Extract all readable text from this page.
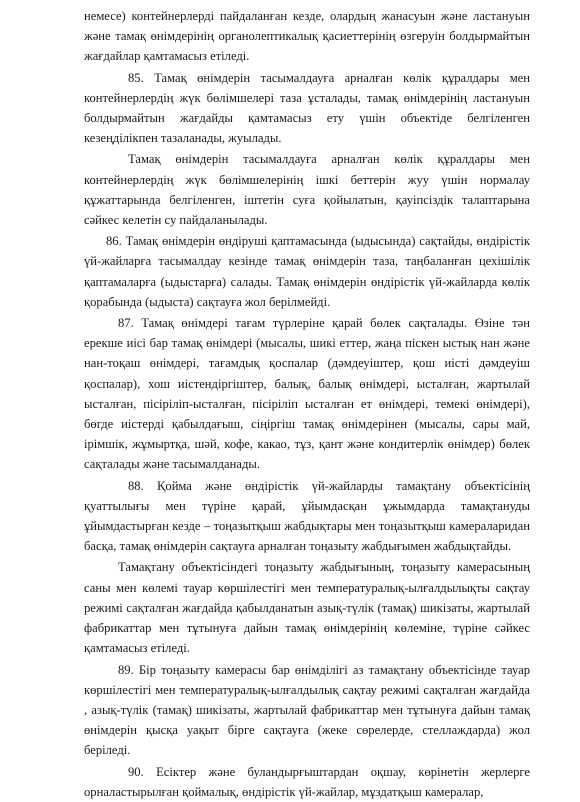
немесе) контейнерлерді пайдаланған кезде, олардың жанасуын және ластануын және тамақ өнімдерінің органолептикалық қасиеттерінің өзгеруін болдырмайтын жағдайлар қамтамасыз етіледі.

85. Тамақ өнімдерін тасымалдауға арналған көлік құралдары мен контейнерлердің жүк бөлімшелері таза ұсталады, тамақ өнімдерінің ластануын болдырмайтын жағдайды қамтамасыз ету үшін объектіде белгіленген кезеңділікпен тазаланады, жуылады.

Тамақ өнімдерін тасымалдауға арналған көлік құралдары мен контейнерлердің жүк бөлімшелерінің ішкі беттерін жуу үшін нормалау құжаттарында белгіленген, іштетін суға қойылатын, қауіпсіздік талаптарына сәйкес келетін су пайдаланылады.

86. Тамақ өнімдерін өндіруші қаптамасында (ыдысында) сақтайды, өндірістік үй-жайларға тасымалдау кезінде тамақ өнімдерін таза, таңбаланған цехішілік қаптамаларға (ыдыстарға) салады. Тамақ өнімдерін өндірістік үй-жайларда көлік қорабында (ыдыста) сақтауға жол берілмейді.

87. Тамақ өнімдері тағам түрлеріне қарай бөлек сақталады. Өзіне тән ерекше иісі бар тамақ өнімдері (мысалы, шикі еттер, жаңа піскен ыстық нан және нан-тоқаш өнімдері, тағамдық қоспалар (дәмдеуіштер, қош иісті дәмдеуіш қоспалар), хош иістендіргіштер, балық, балық өнімдері, ысталған, жартылай ысталған, пісіріліп-ысталған, пісіріліп ысталған ет өнімдері, темекі өнімдері), бөгде иістерді қабылдағыш, сіңіргіш тамақ өнімдерінен (мысалы, сары май, ірімшік, жұмыртқа, шәй, кофе, какао, тұз, қант және кондитерлік өнімдер) бөлек сақталады және тасымалданады.

88. Қойма және өндірістік үй-жайларды тамақтану объектісінің қуаттылығы мен түріне қарай, ұйымдасқан ұжымдарда тамақтануды ұйымдастырған кезде – тоңазытқыш жабдықтары мен тоңазытқыш камераларидан басқа, тамақ өнімдерін сақтауға арналған тоңазыту жабдығымен жабдықтайды.

Тамақтану объектісіндегі тоңазыту жабдығының, тоңазыту камерасының саны мен көлемі тауар көршілестігі мен температуралық-ылғалдылықты сақтау режимі сақталған жағдайда қабылданатын азық-түлік (тамақ) шикізаты, жартылай фабрикаттар мен тұтынуға дайын тамақ өнімдерінің көлеміне, түріне сәйкес қамтамасыз етіледі.

89. Бір тоңазыту камерасы бар өнімділігі аз тамақтану объектісінде тауар көршілестігі мен температуралық-ылғалдылық сақтау режимі сақталған жағдайда , азық-түлік (тамақ) шикізаты, жартылай фабрикаттар мен тұтынуға дайын тамақ өнімдерін қысқа уақыт бірге сақтауға (жеке сөрелерде, стеллаждарда) жол беріледі.

90. Есіктер және буландырғыштардан оқшау, көрінетін жерлерге орналастырылған қоймалық, өндірістік үй-жайлар, мұздатқыш камералар,
